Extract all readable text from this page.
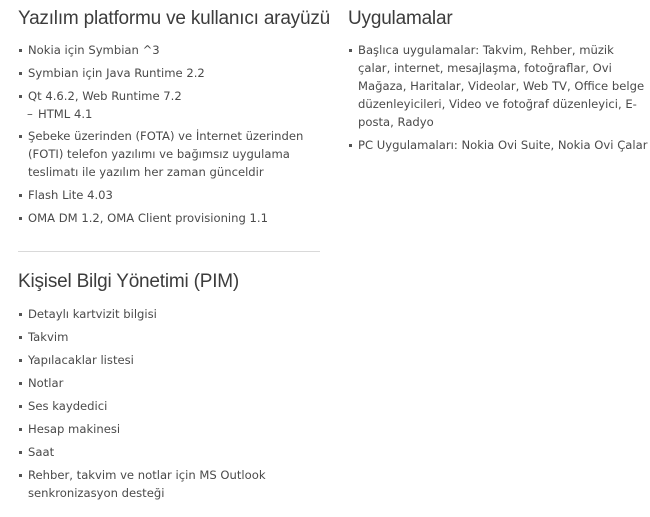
Yazılım platformu ve kullanıcı arayüzü
Nokia için Symbian ^3
Symbian için Java Runtime 2.2
Qt 4.6.2, Web Runtime 7.2
– HTML 4.1
Şebeke üzerinden (FOTA) ve İnternet üzerinden (FOTI) telefon yazılımı ve bağımsız uygulama teslimatı ile yazılım her zaman günceldir
Flash Lite 4.03
OMA DM 1.2, OMA Client provisioning 1.1
Kişisel Bilgi Yönetimi (PIM)
Detaylı kartvizit bilgisi
Takvim
Yapılacaklar listesi
Notlar
Ses kaydedici
Hesap makinesi
Saat
Rehber, takvim ve notlar için MS Outlook senkronizasyon desteği
Uygulamalar
Başlıca uygulamalar: Takvim, Rehber, müzik çalar, internet, mesajlaşma, fotoğraflar, Ovi Mağaza, Haritalar, Videolar, Web TV, Office belge düzenleyicileri, Video ve fotoğraf düzenleyici, E-posta, Radyo
PC Uygulamaları: Nokia Ovi Suite, Nokia Ovi Çalar
